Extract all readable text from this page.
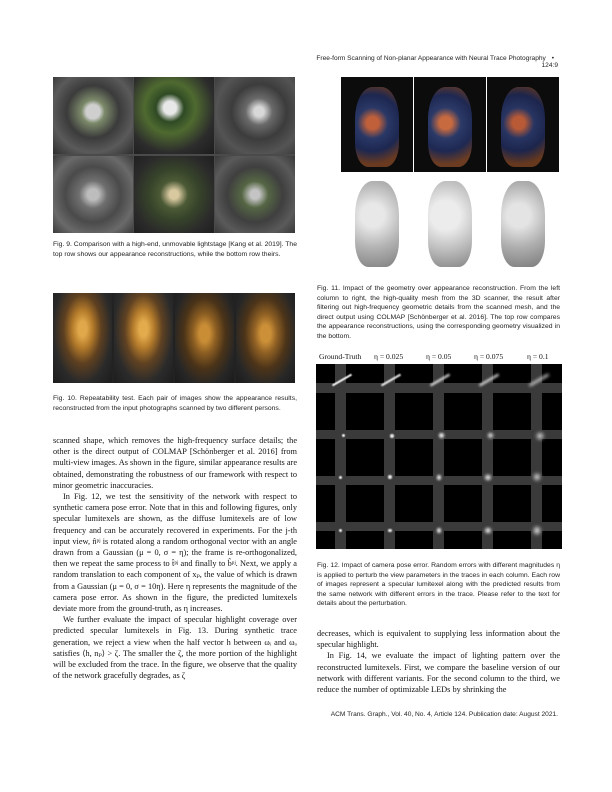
Free-form Scanning of Non-planar Appearance with Neural Trace Photography • 124:9
Fig. 9. Comparison with a high-end, unmovable lightstage [Kang et al. 2019]. The top row shows our appearance reconstructions, while the bottom row theirs.
Fig. 10. Repeatability test. Each pair of images show the appearance results, reconstructed from the input photographs scanned by two different persons.
Fig. 11. Impact of the geometry over appearance reconstruction. From the left column to right, the high-quality mesh from the 3D scanner, the result after filtering out high-frequency geometric details from the scanned mesh, and the direct output using COLMAP [Schönberger et al. 2016]. The top row compares the appearance reconstructions, using the corresponding geometry visualized in the bottom.
Ground-Truth η = 0.025	η = 0.05	η = 0.075	η = 0.1
Fig. 12. Impact of camera pose error. Random errors with different magnitudes η is applied to perturb the view parameters in the traces in each column. Each row of images represent a specular lumitexel along with the predicted results from the same network with different errors in the trace. Please refer to the text for details about the perturbation.

scanned shape, which removes the high-frequency surface details; the other is the direct output of COLMAP [Schönberger et al. 2016] from multi-view images. As shown in the figure, similar appearance results are obtained, demonstrating the robustness of our framework with respect to minor geometric inaccuracies.

In Fig. 12, we test the sensitivity of the network with respect to synthetic camera pose error. Note that in this and following figures, only specular lumitexels are shown, as the diffuse lumitexels are of low frequency and can be accurately recovered in experiments. For the j-th input view, n̂ᵖʲ is rotated along a random orthogonal vector with an angle drawn from a Gaussian (μ = 0, σ = η); the frame is re-orthogonalized, then we repeat the same process to t̂ᵖʲ and finally to b̂ᵖʲ. Next, we apply a random translation to each component of xₚ, the value of which is drawn from a Gaussian (μ = 0, σ = 10η). Here η represents the magnitude of the camera pose error. As shown in the figure, the predicted lumitexels deviate more from the ground-truth, as η increases.

We further evaluate the impact of specular highlight coverage over predicted specular lumitexels in Fig. 13. During synthetic trace generation, we reject a view when the half vector h between ωᵢ and ωₒ satisfies ⟨h, nₚ⟩ > ζ. The smaller the ζ, the more portion of the highlight will be excluded from the trace. In the figure, we observe that the quality of the network gracefully degrades, as ζ

decreases, which is equivalent to supplying less information about the specular highlight.

In Fig. 14, we evaluate the impact of lighting pattern over the reconstructed lumitexels. First, we compare the baseline version of our network with different variants. For the second column to the third, we reduce the number of optimizable LEDs by shrinking the

ACM Trans. Graph., Vol. 40, No. 4, Article 124. Publication date: August 2021.
